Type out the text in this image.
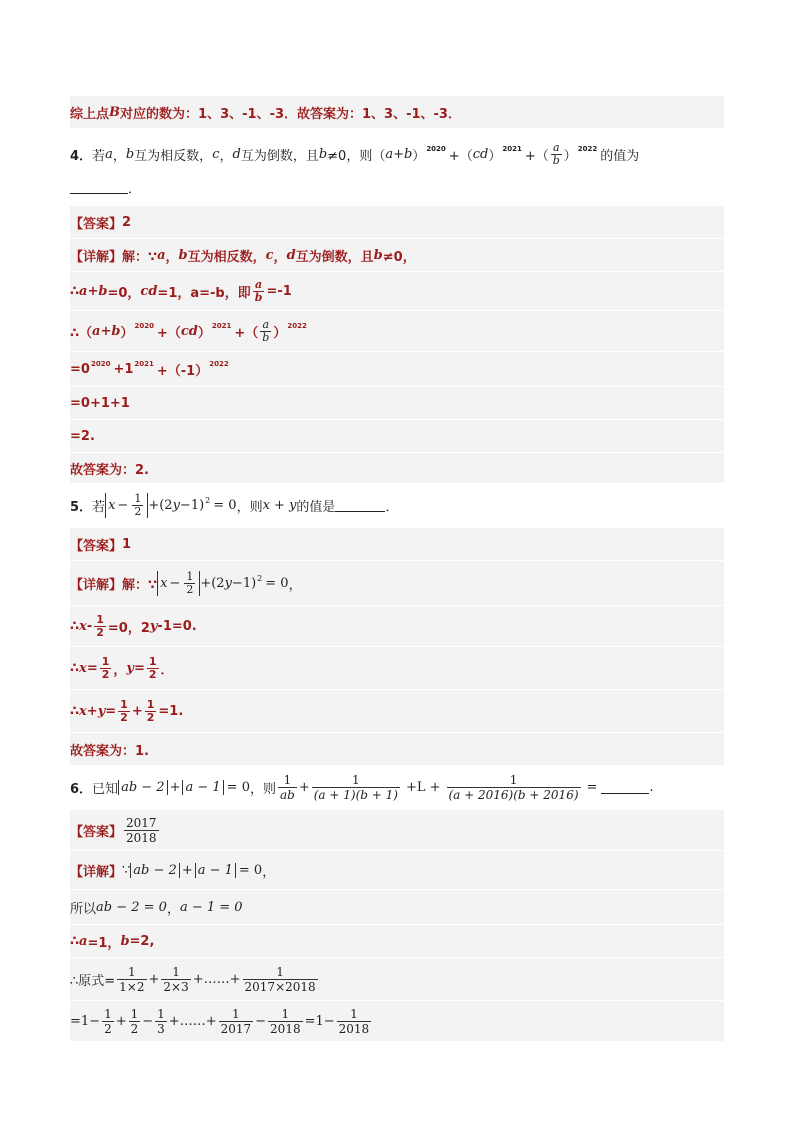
综上点 B 对应的数为： 1、3、-1、-3．故答案为：1、3、-1、-3．
4． 若 a ， b 互为相反数， c ， d 互为倒数，且 b ≠0，则（ a+b ）$^{2020}$ +（ cd ）$^{2021}$ +（ $\frac{a}{b} )^{2022}$ 的值为
．
【答案】 2
【详解】 解：∵ a ， b 互为相反数， c ， d 互为倒数，且 b ≠0，
∴ a+b =0， cd =1，a=-b，即 $\frac{a}{b} =-1$
∴（ a+b ）$^{2020}$ +（ cd ）$^{2021}$ +（ $\frac{a}{b} )^{2022}$
$=0^{2020} +1^{2021} +(-1)^{2022}$
=0+1+1
=2.
故答案为：2.
5． 若 $x - \frac{1}{2} +(2$ y −1)$^2$ = 0 ，则 x + y 的值是	．
【答案】 1
【详解】 解：∵ $x - \frac{1}{2} +(2$ y −1)$^2$ = 0 ，
∴ $x - \frac{1}{2} =0$，2 y -1=0.
∴ $x = \frac{1}{2}$ ， $y = \frac{1}{2}$ ．
∴ $x+y = \frac{1}{2} + \frac{1}{2} =1$.
故答案为：1.
6． 已知 ab − 2 + a − 1 = 0 ，则 $\frac{1}{ab} + \frac{1}{(a + 1)(b + 1)} +L + \frac{1}{(a + 2016)(b + 2016)}$ =	.
【答案】 $\frac{2017}{2018}$
【详解】 ∵ ab − 2 + a − 1 = 0 ，
所以 ab − 2 = 0 ， a − 1 = 0
∴ a =1， b =2,
∴原式= $\frac{1}{1\times 2} + \frac{1}{2\times 3}$ +……+ $\frac{1}{2017\times 2018}$
$=1- \frac{1}{2} + \frac{1}{2} - \frac{1}{3}$ +……+ $\frac{1}{2017} - \frac{1}{2018} =1- \frac{1}{2018}$
